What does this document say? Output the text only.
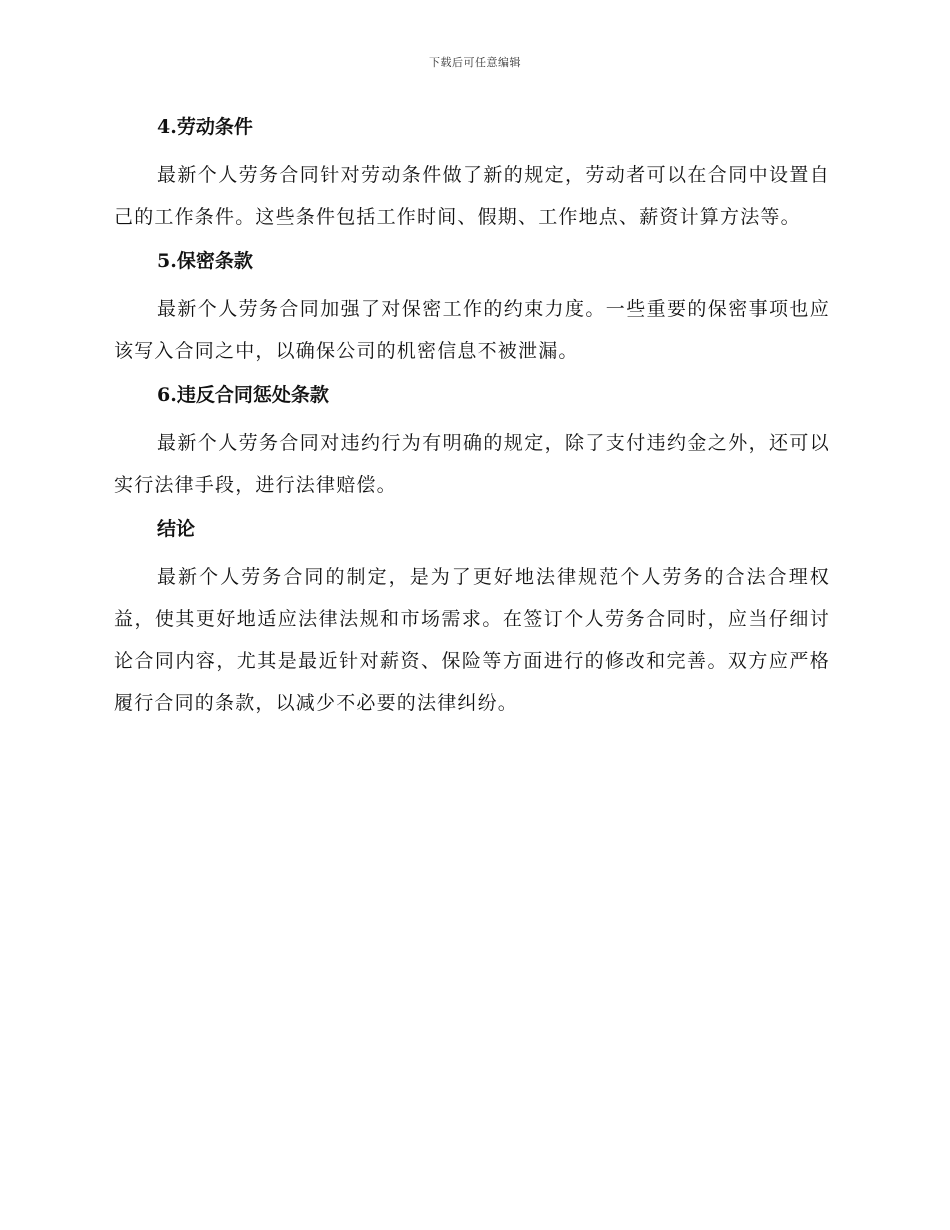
下载后可任意编辑
4.劳动条件

最新个人劳务合同针对劳动条件做了新的规定，劳动者可以在合同中设置自己的工作条件。这些条件包括工作时间、假期、工作地点、薪资计算方法等。

5.保密条款

最新个人劳务合同加强了对保密工作的约束力度。一些重要的保密事项也应该写入合同之中，以确保公司的机密信息不被泄漏。

6.违反合同惩处条款

最新个人劳务合同对违约行为有明确的规定，除了支付违约金之外，还可以实行法律手段，进行法律赔偿。

结论

最新个人劳务合同的制定，是为了更好地法律规范个人劳务的合法合理权益，使其更好地适应法律法规和市场需求。在签订个人劳务合同时，应当仔细讨论合同内容，尤其是最近针对薪资、保险等方面进行的修改和完善。双方应严格履行合同的条款，以减少不必要的法律纠纷。
